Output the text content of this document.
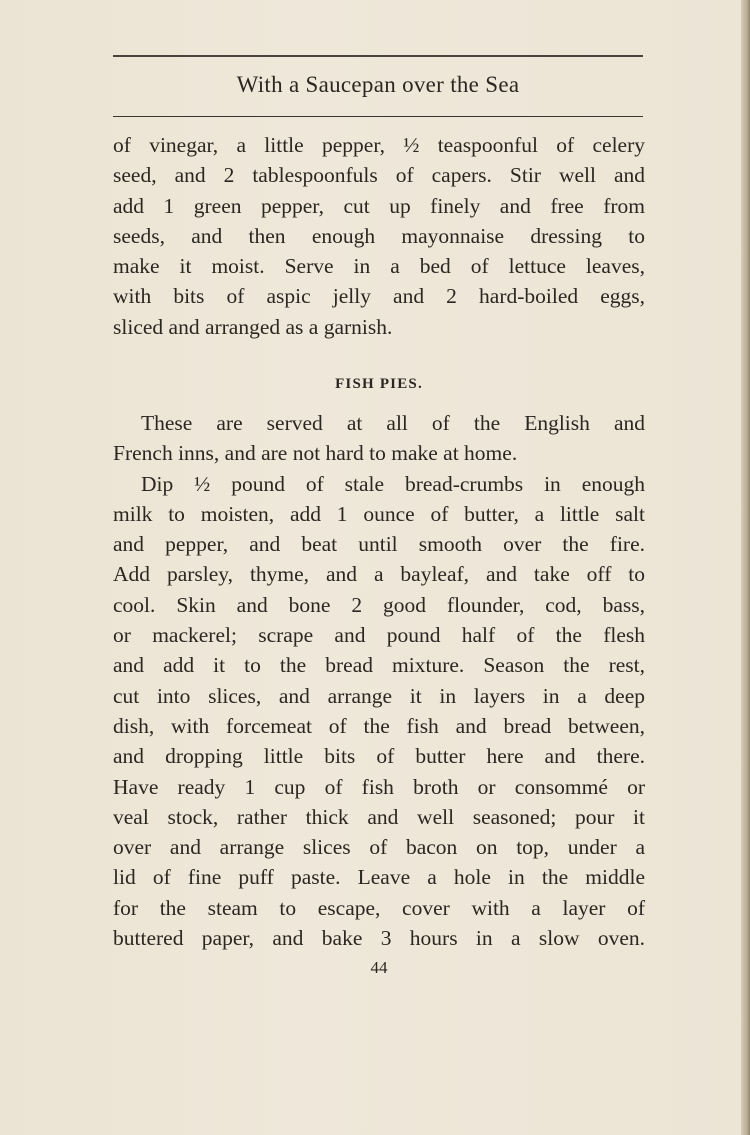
With a Saucepan over the Sea
of vinegar, a little pepper, ½ teaspoonful of celery
seed, and 2 tablespoonfuls of capers. Stir well and
add 1 green pepper, cut up finely and free from
seeds, and then enough mayonnaise dressing to
make it moist. Serve in a bed of lettuce leaves,
with bits of aspic jelly and 2 hard-boiled eggs,
sliced and arranged as a garnish.
FISH PIES.
These are served at all of the English and
French inns, and are not hard to make at home.
Dip ½ pound of stale bread-crumbs in enough
milk to moisten, add 1 ounce of butter, a little salt
and pepper, and beat until smooth over the fire.
Add parsley, thyme, and a bayleaf, and take off to
cool. Skin and bone 2 good flounder, cod, bass,
or mackerel; scrape and pound half of the flesh
and add it to the bread mixture. Season the rest,
cut into slices, and arrange it in layers in a deep
dish, with forcemeat of the fish and bread between,
and dropping little bits of butter here and there.
Have ready 1 cup of fish broth or consommé or
veal stock, rather thick and well seasoned; pour it
over and arrange slices of bacon on top, under a
lid of fine puff paste. Leave a hole in the middle
for the steam to escape, cover with a layer of
buttered paper, and bake 3 hours in a slow oven.
44
